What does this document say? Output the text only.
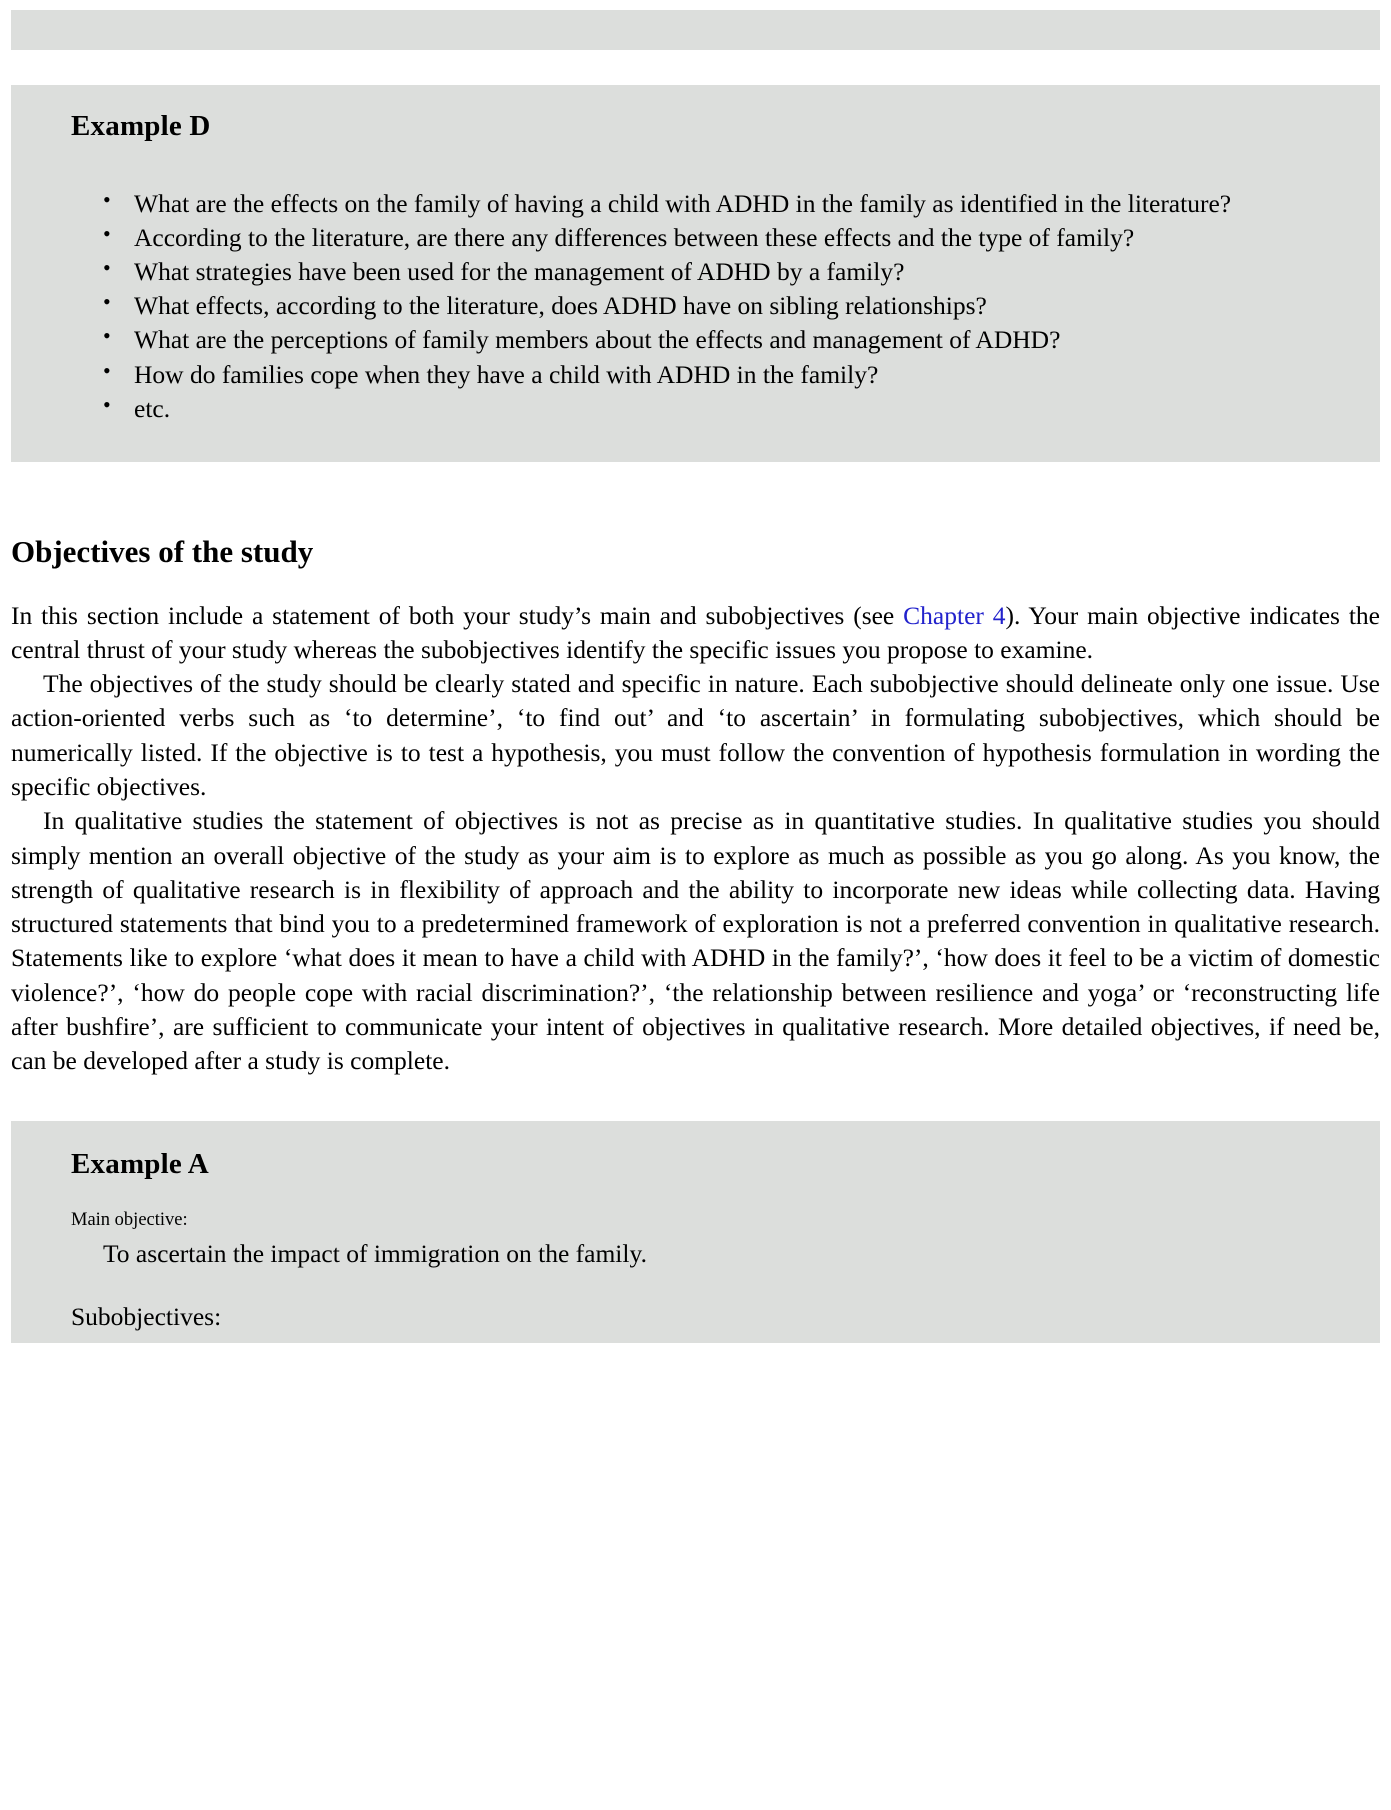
Example D
• What are the effects on the family of having a child with ADHD in the family as identified in the literature?
• According to the literature, are there any differences between these effects and the type of family?
• What strategies have been used for the management of ADHD by a family?
• What effects, according to the literature, does ADHD have on sibling relationships?
• What are the perceptions of family members about the effects and management of ADHD?
• How do families cope when they have a child with ADHD in the family?
• etc.
Objectives of the study

In this section include a statement of both your study’s main and subobjectives (see Chapter 4). Your main objective indicates the central thrust of your study whereas the subobjectives identify the specific issues you propose to examine.

The objectives of the study should be clearly stated and specific in nature. Each subobjective should delineate only one issue. Use action-oriented verbs such as ‘to determine’, ‘to find out’ and ‘to ascertain’ in formulating subobjectives, which should be numerically listed. If the objective is to test a hypothesis, you must follow the convention of hypothesis formulation in wording the specific objectives.

In qualitative studies the statement of objectives is not as precise as in quantitative studies. In qualitative studies you should simply mention an overall objective of the study as your aim is to explore as much as possible as you go along. As you know, the strength of qualitative research is in flexibility of approach and the ability to incorporate new ideas while collecting data. Having structured statements that bind you to a predetermined framework of exploration is not a preferred convention in qualitative research. Statements like to explore ‘what does it mean to have a child with ADHD in the family?’, ‘how does it feel to be a victim of domestic violence?’, ‘how do people cope with racial discrimination?’, ‘the relationship between resilience and yoga’ or ‘reconstructing life after bushfire’, are sufficient to communicate your intent of objectives in qualitative research. More detailed objectives, if need be, can be developed after a study is complete.

Example A
Main objective:
To ascertain the impact of immigration on the family.
Subobjectives:
